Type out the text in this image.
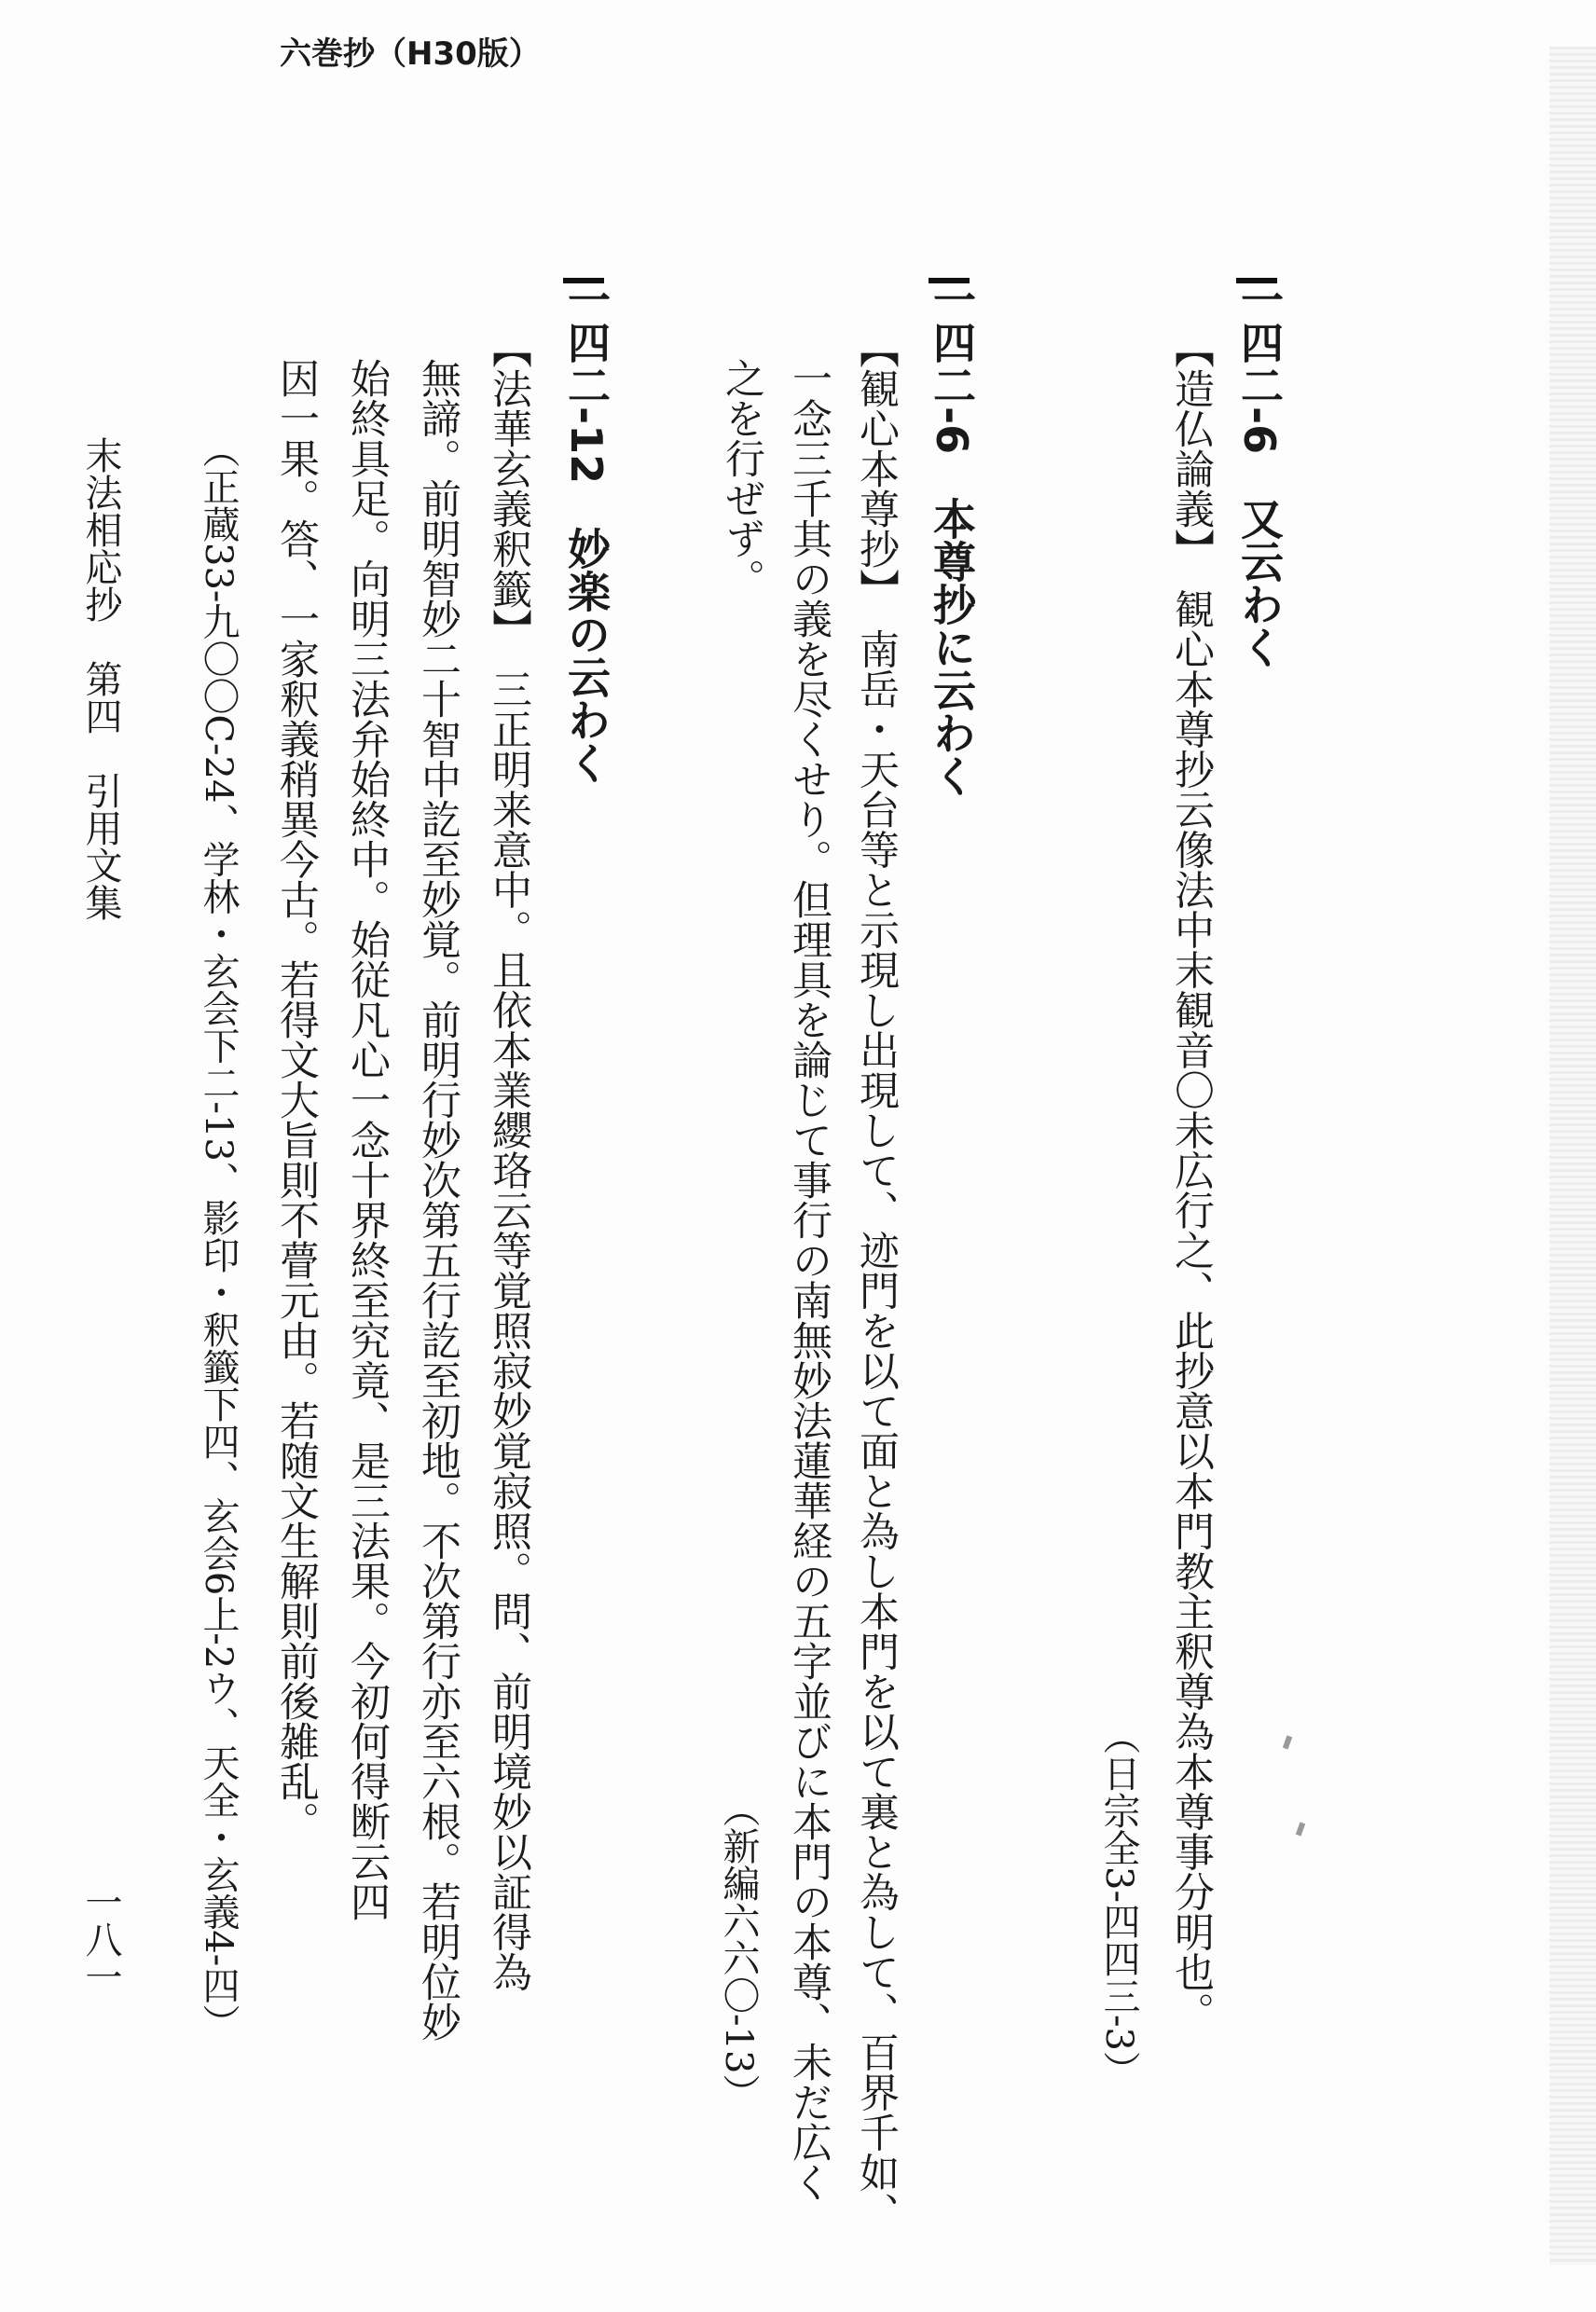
六巻抄（H30版）
一四二-6　又云わく
【造仏論義】　観心本尊抄云像法中末観音〇未広行之、此抄意以本門教主釈尊為本尊事分明也。
（日宗全3-四四三-3）
一四二-6　本尊抄に云わく
【観心本尊抄】　南岳・天台等と示現し出現して、迹門を以て面と為し本門を以て裏と為して、百界千如、
一念三千其の義を尽くせり。但理具を論じて事行の南無妙法蓮華経の五字並びに本門の本尊、未だ広く
之を行ぜず。
（新編六六〇-13）
一四二-12　妙楽の云わく
【法華玄義釈籤】　三正明来意中。且依本業纓珞云等覚照寂妙覚寂照。問、前明境妙以証得為
無諦。前明智妙二十智中訖至妙覚。前明行妙次第五行訖至初地。不次第行亦至六根。若明位妙
始終具足。向明三法弁始終中。始従凡心一念十界終至究竟、是三法果。今初何得断云四
因一果。答、一家釈義稍異今古。若得文大旨則不瞢元由。若随文生解則前後雑乱。
（正蔵33-九〇〇C-24、学林・玄会下二-13、影印・釈籤下四、玄会6上-2ウ、天全・玄義4-四）
末法相応抄　第四　引用文集
一八一
